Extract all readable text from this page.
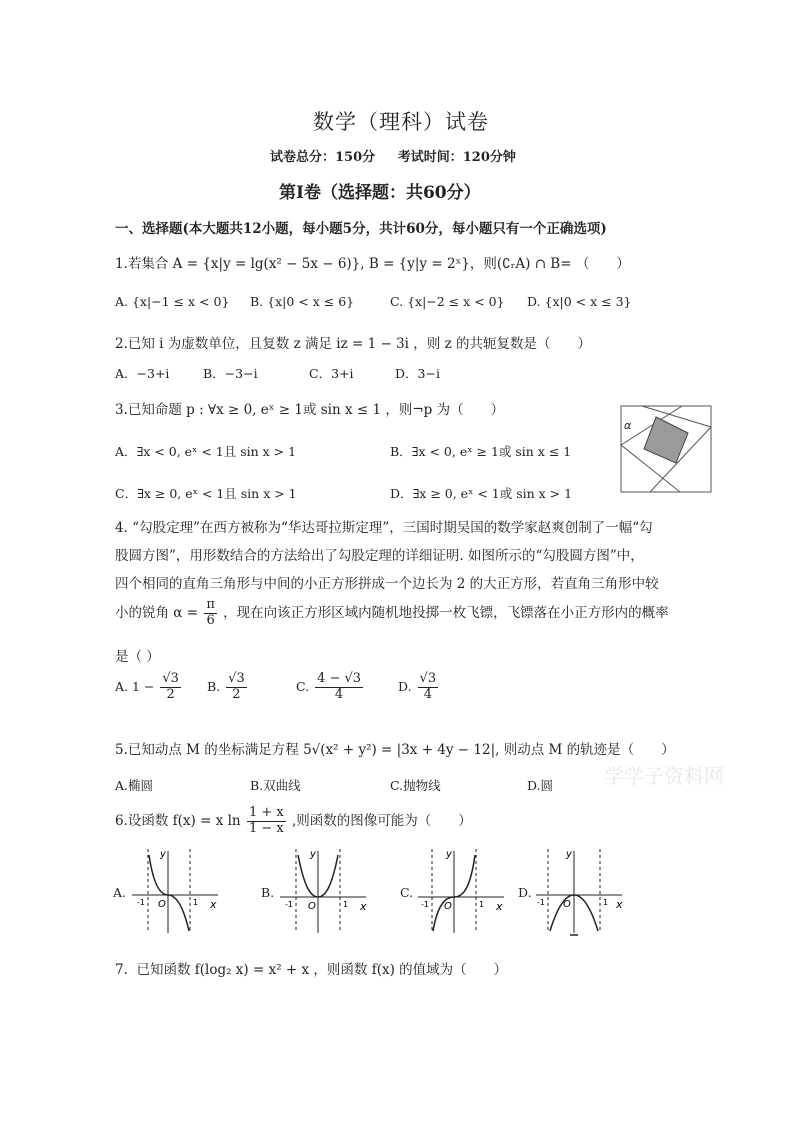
数学（理科）试卷
试卷总分：150分     考试时间：120分钟
第Ⅰ卷（选择题：共60分）
一、选择题(本大题共12小题，每小题5分，共计60分，每小题只有一个正确选项)
1.若集合 A = {x|y = lg(x² − 5x − 6)}, B = {y|y = 2ˣ}，则(∁ᵣA) ∩ B= （　　）
A. {x|−1 ≤ x < 0} B. {x|0 < x ≤ 6}	C. {x|−2 ≤ x < 0} D. {x|0 < x ≤ 3}
2.已知 i 为虚数单位，且复数 z 满足 iz = 1 − 3i ，则 z 的共轭复数是（　　）
A．−3+i	B．−3−i	C．3+i	D．3−i
3.已知命题 p : ∀x ≥ 0, eˣ ≥ 1或 sin x ≤ 1 ，则¬p 为（　　）
A．∃x < 0, eˣ < 1且 sin x > 1	B．∃x < 0, eˣ ≥ 1或 sin x ≤ 1
C．∃x ≥ 0, eˣ < 1且 sin x > 1	D．∃x ≥ 0, eˣ < 1或 sin x > 1
α
4. “勾股定理”在西方被称为“华达哥拉斯定理”，三国时期吴国的数学家赵爽创制了一幅“勾
股圆方图”，用形数结合的方法给出了勾股定理的详细证明. 如图所示的“勾股圆方图”中，
四个相同的直角三角形与中间的小正方形拼成一个边长为 2 的大正方形，若直角三角形中较
小的锐角 $\alpha = \frac{\pi}{6}$ ，现在向该正方形区域内随机地投掷一枚飞镖，飞镖落在小正方形内的概率
是（ ）
A. $1 - \frac{√3}{2} B$. $\frac{√3}{2}$	C. $\frac{4 - √3}{4}$	D. $\frac{√3}{4}$
5.已知动点 M 的坐标满足方程 5√(x² + y²) = |3x + 4y − 12|, 则动点 M 的轨迹是（　　）
A.椭圆	B.双曲线	C.抛物线	D.圆	学学子资料网
6.设函数 f(x) = x $\ln \frac{1 + x}{1 - x}$ ,则函数的图像可能为（　　）
A.
x
y
O
-1	1
B.
x
y
O
-1	1
C.
x
y
O
-1	1
D.
x
y
O
-1	1
7.  已知函数 f(log₂ x) = x² + x ，则函数 f(x) 的值域为（　　）
